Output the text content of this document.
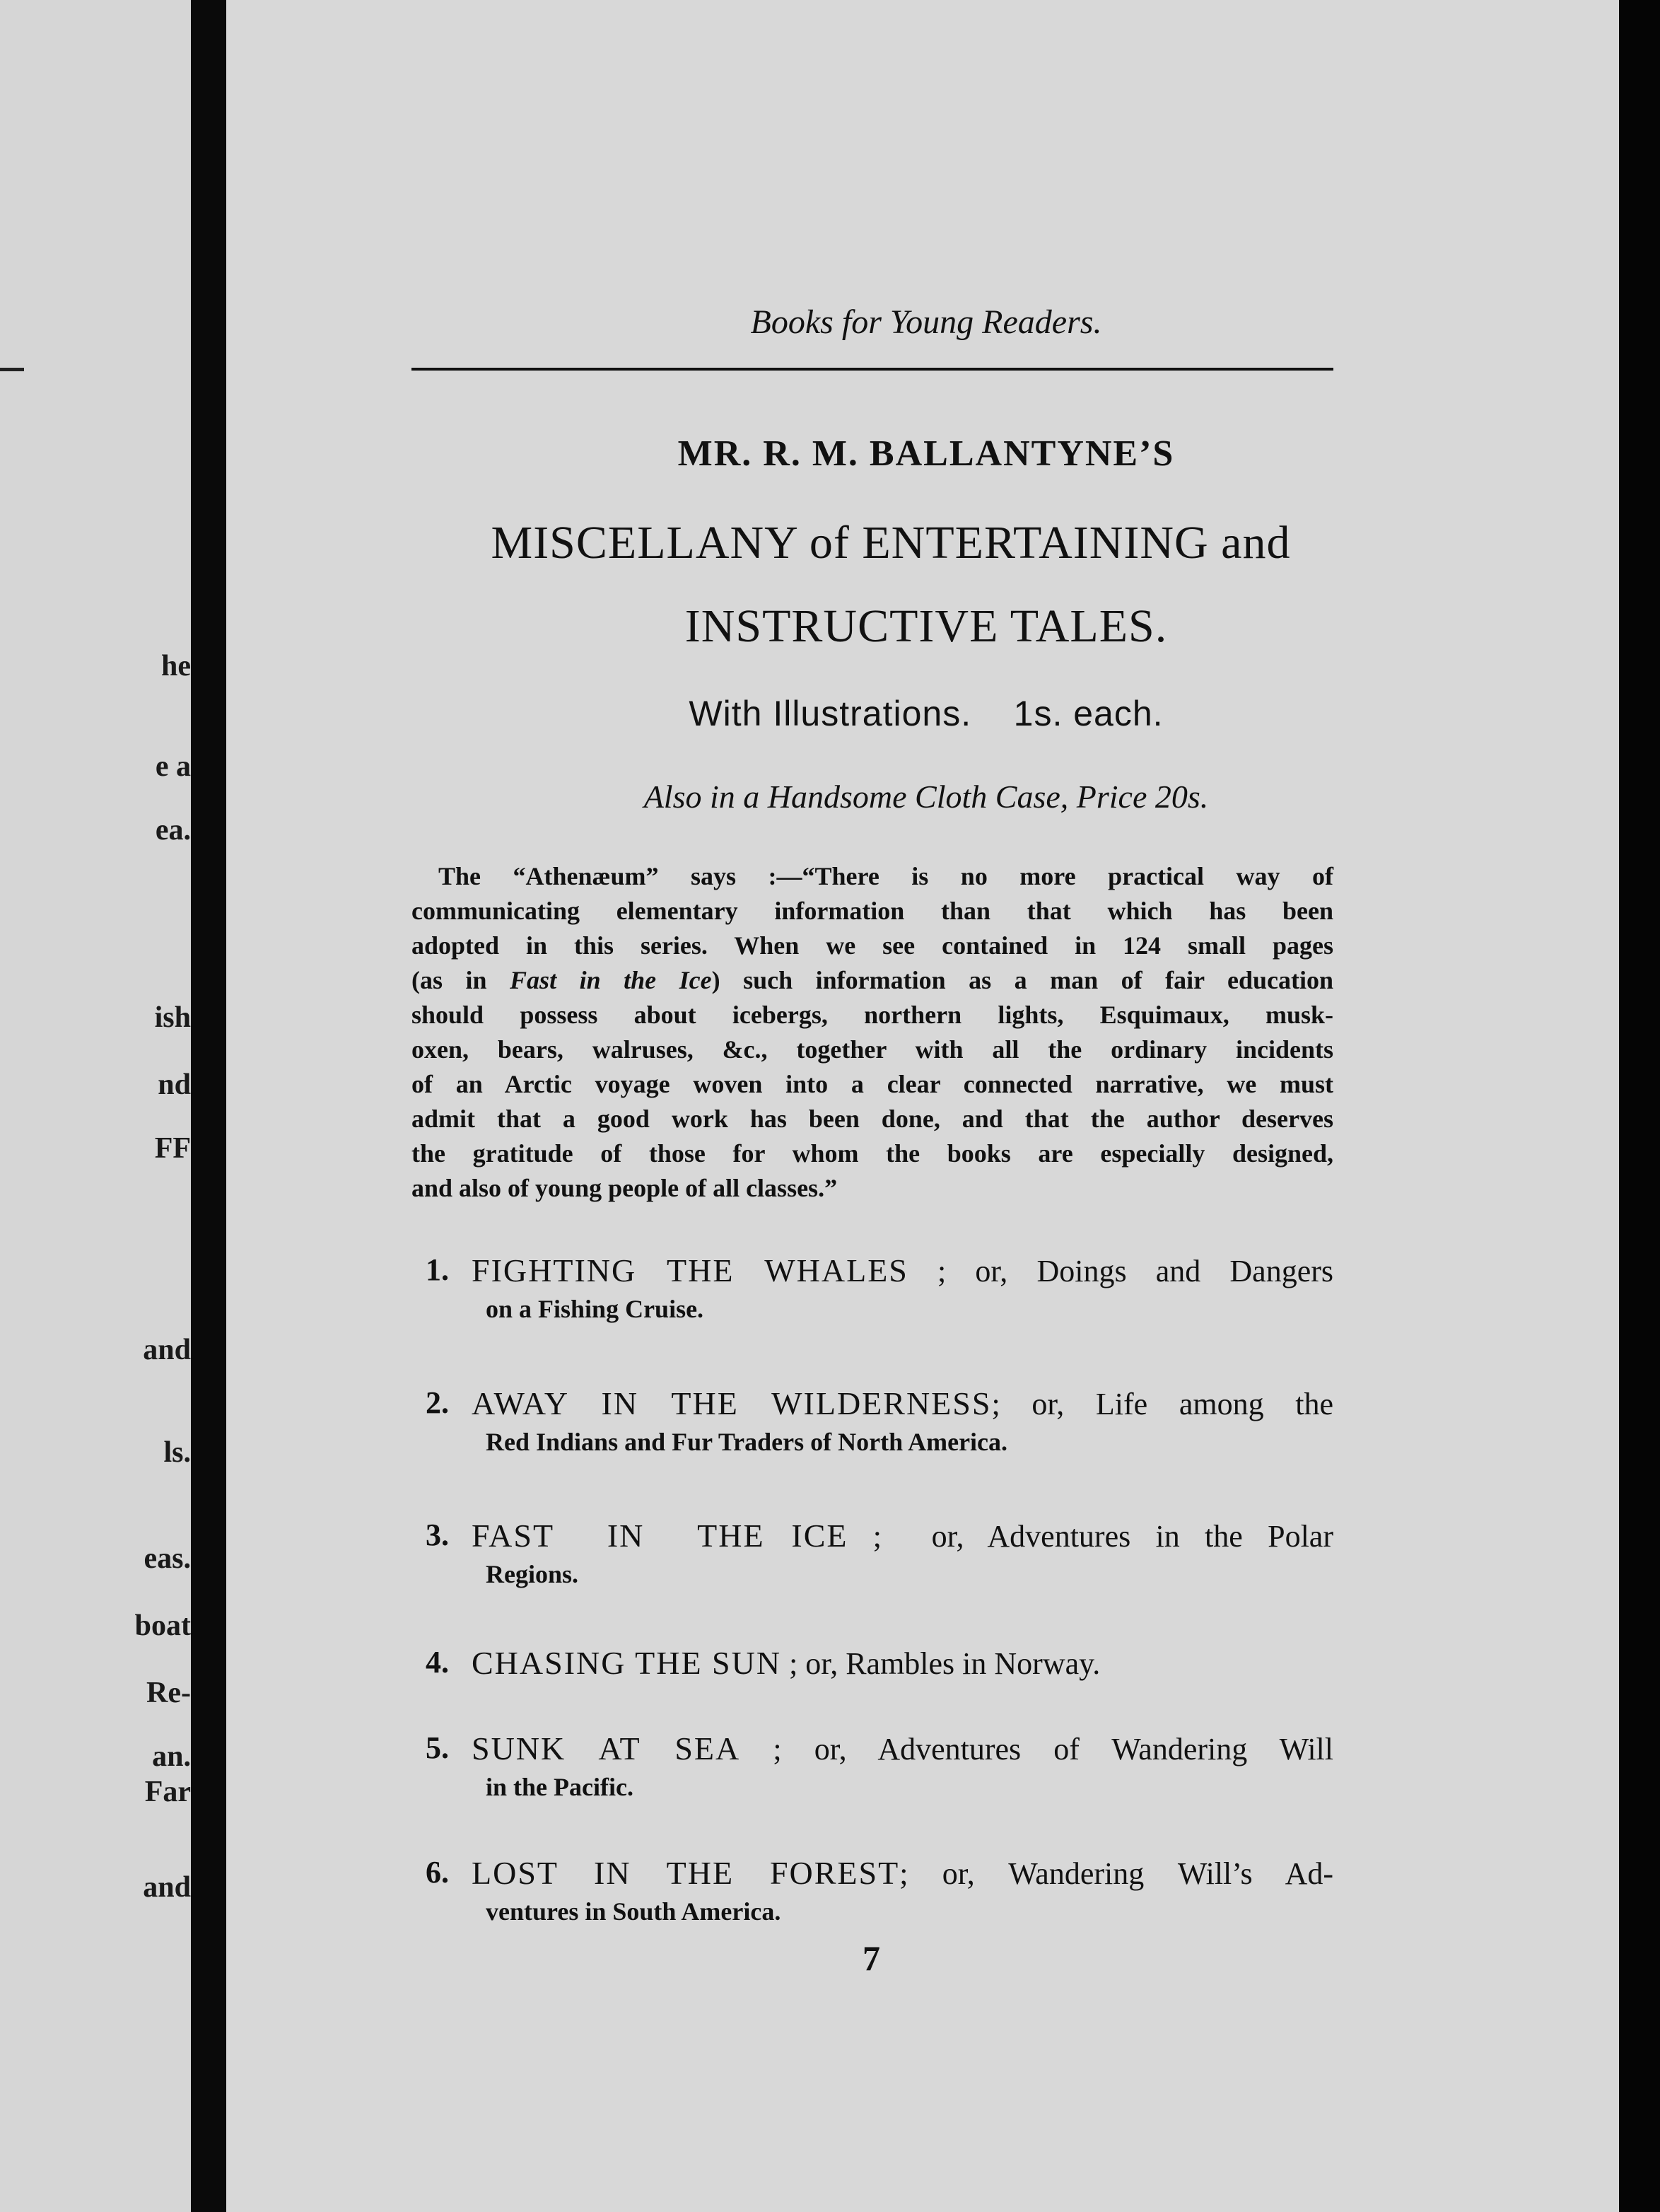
he
e a
ea.
ish
nd
FF
and
ls.
eas.
boat
Re-
an.
Far
and
Books for Young Readers.
MR. R. M. BALLANTYNE’S
MISCELLANY of ENTERTAINING and
INSTRUCTIVE TALES.
With Illustrations.    1s. each.
Also in a Handsome Cloth Case, Price 20s.
The “Athenæum” says :—“There is no more practical way of
communicating elementary information than that which has been
adopted in this series. When we see contained in 124 small pages
(as in Fast in the Ice) such information as a man of fair education
should possess about icebergs, northern lights, Esquimaux, musk-
oxen, bears, walruses, &c., together with all the ordinary incidents
of an Arctic voyage woven into a clear connected narrative, we must
admit that a good work has been done, and that the author deserves
the gratitude of those for whom the books are especially designed,
and also of young people of all classes.”
1. FIGHTING THE WHALES ; or, Doings and Dangers
on a Fishing Cruise.
2. AWAY IN THE WILDERNESS; or, Life among the
Red Indians and Fur Traders of North America.
3. FAST  IN  THE ICE ;  or, Adventures in the Polar
Regions.
4. CHASING THE SUN ; or, Rambles in Norway.
5. SUNK AT SEA ; or, Adventures of Wandering Will
in the Pacific.
6. LOST IN THE FOREST; or, Wandering Will’s Ad-
ventures in South America.
7
